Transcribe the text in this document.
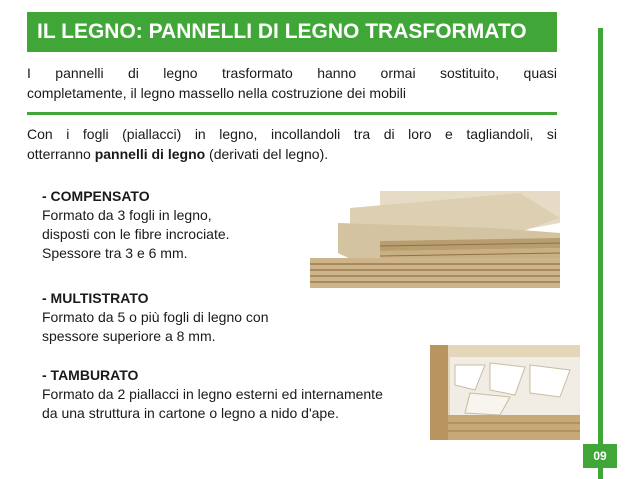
IL LEGNO: PANNELLI DI LEGNO TRASFORMATO
I pannelli di legno trasformato hanno ormai sostituito, quasi
completamente, il legno massello nella costruzione dei mobili
Con i fogli (piallacci) in legno, incollandoli tra di loro e tagliandoli, si
otterranno pannelli di legno (derivati del legno).
- COMPENSATO
Formato da 3 fogli in legno,
disposti con le fibre incrociate.
Spessore tra 3 e 6 mm.
- MULTISTRATO
Formato da 5 o più fogli di legno con
spessore superiore a 8 mm.
- TAMBURATO
Formato da 2 piallacci in legno esterni ed internamente
da una struttura in cartone o legno a nido d'ape.
09
